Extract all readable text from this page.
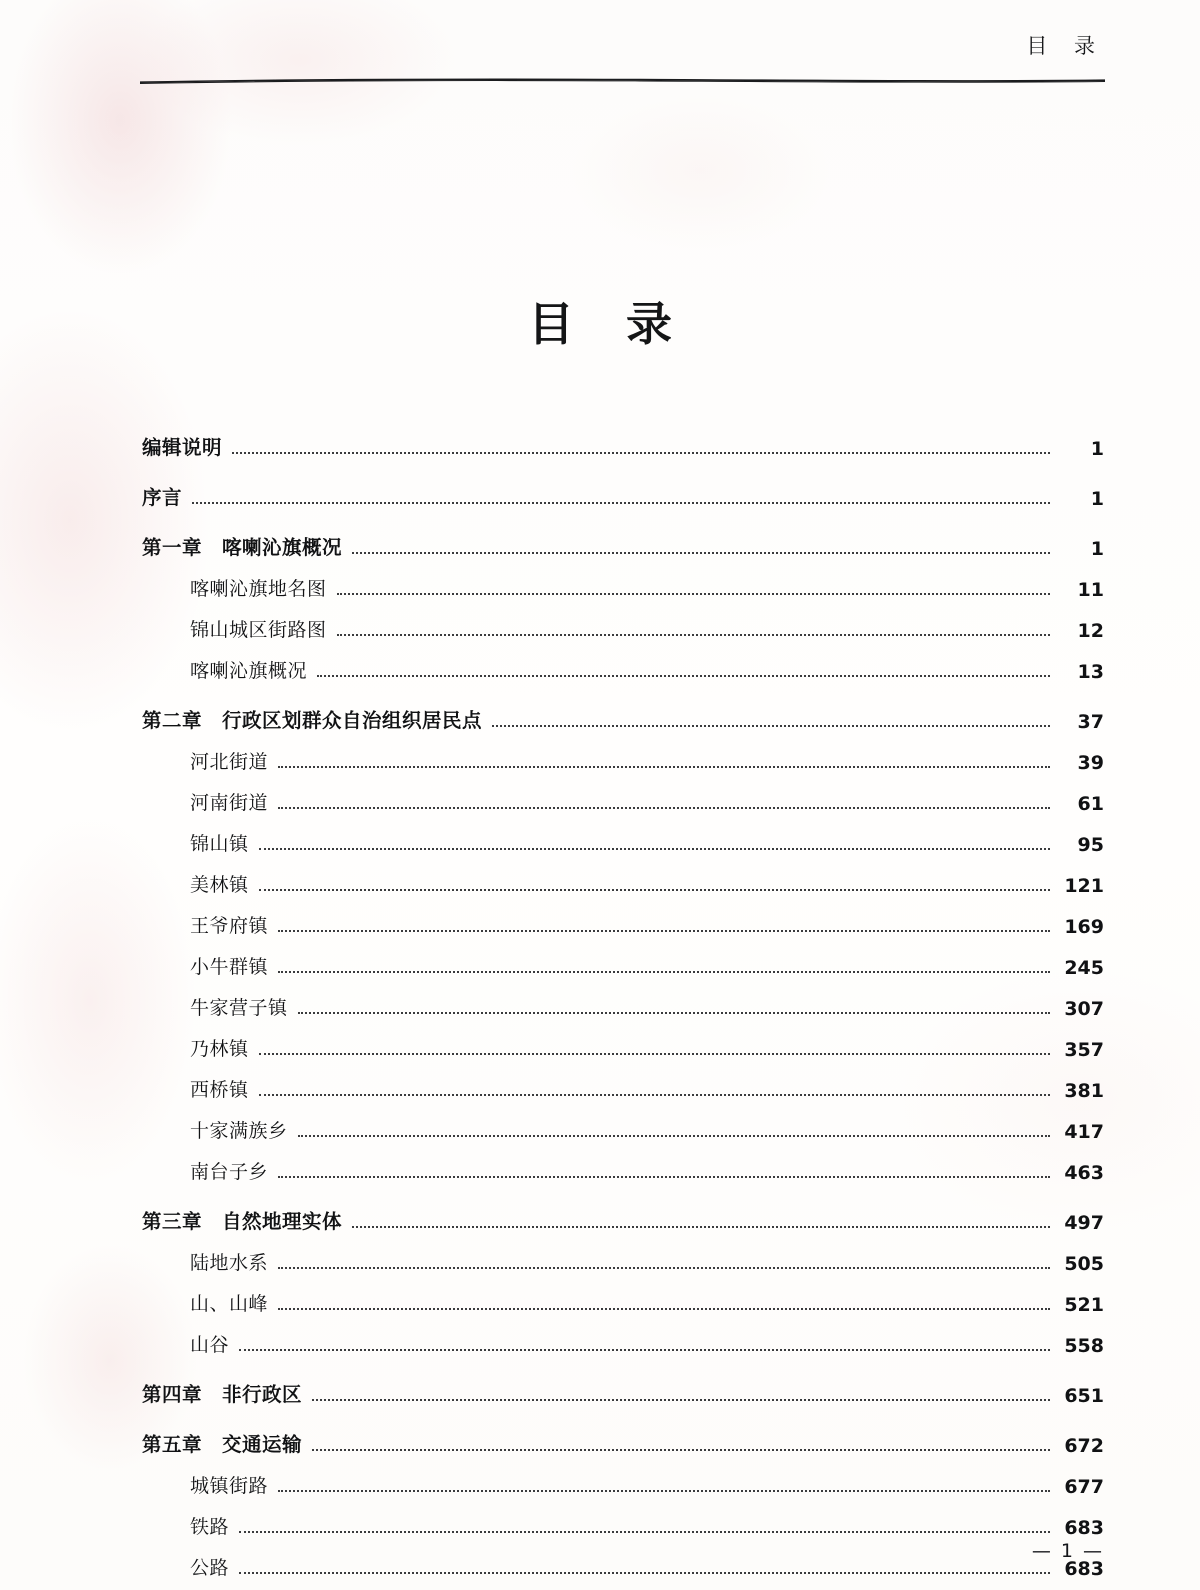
目 录
目 录
编辑说明	1
序言	1
第一章　喀喇沁旗概况	1
喀喇沁旗地名图	11
锦山城区街路图	12
喀喇沁旗概况	13
第二章　行政区划群众自治组织居民点	37
河北街道	39
河南街道	61
锦山镇	95
美林镇	121
王爷府镇	169
小牛群镇	245
牛家营子镇	307
乃林镇	357
西桥镇	381
十家满族乡	417
南台子乡	463
第三章　自然地理实体	497
陆地水系	505
山、山峰	521
山谷	558
第四章　非行政区	651
第五章　交通运输	672
城镇街路	677
铁路	683
公路	683
— 1 —
